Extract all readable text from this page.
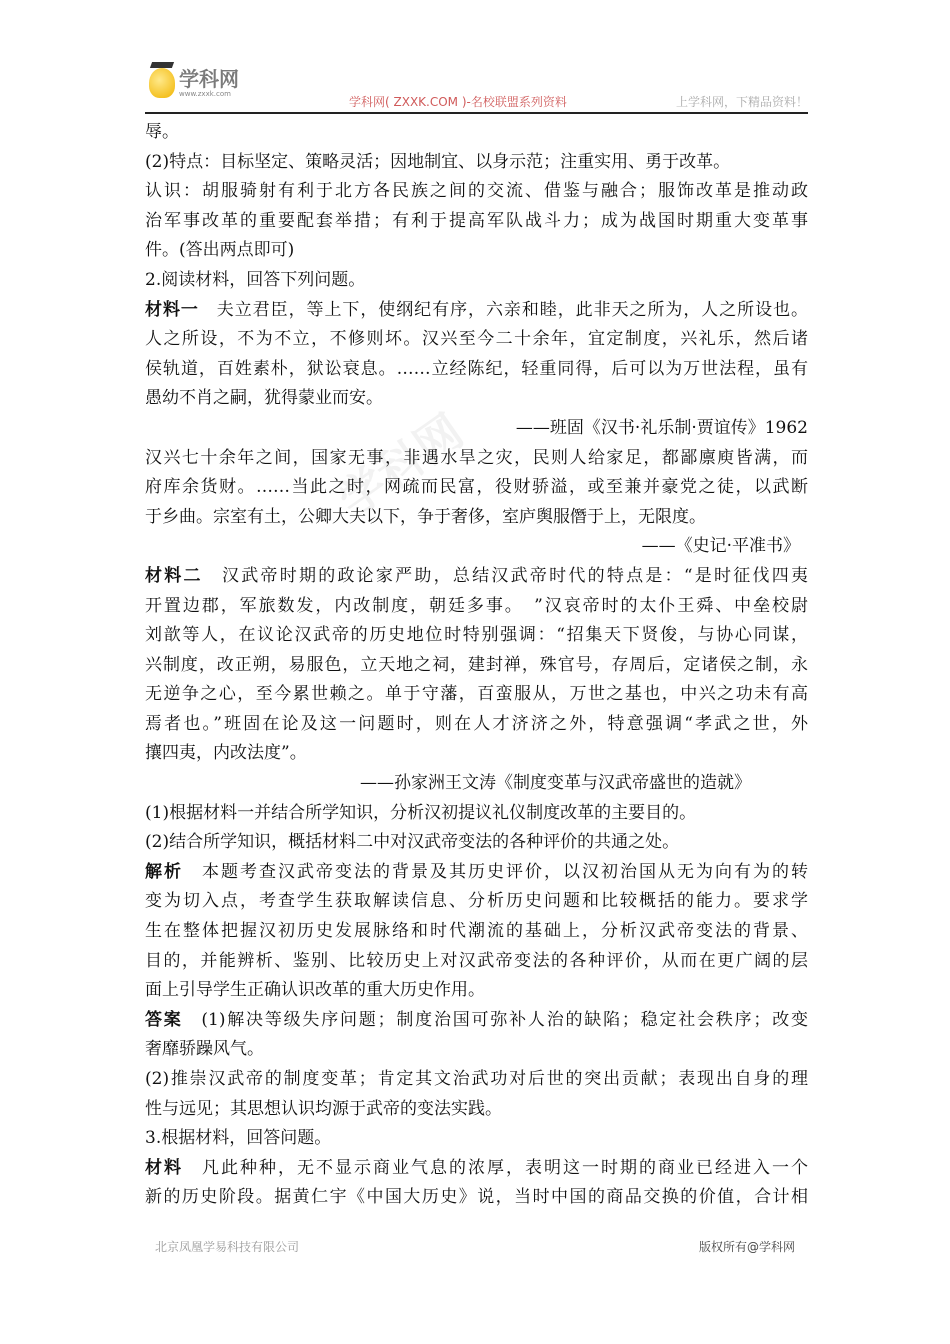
学科网
www.zxxk.com
学科网( ZXXK.COM )-名校联盟系列资料	上学科网，下精品资料！
学科网
辱。
(2)特点：目标坚定、策略灵活；因地制宜、以身示范；注重实用、勇于改革。
认识：胡服骑射有利于北方各民族之间的交流、借鉴与融合；服饰改革是推动政
治军事改革的重要配套举措；有利于提高军队战斗力；成为战国时期重大变革事
件。(答出两点即可)
2.阅读材料，回答下列问题。
材料一　夫立君臣，等上下，使纲纪有序，六亲和睦，此非天之所为，人之所设也。
人之所设，不为不立，不修则坏。汉兴至今二十余年，宜定制度，兴礼乐，然后诸
侯轨道，百姓素朴，狱讼衰息。……立经陈纪，轻重同得，后可以为万世法程，虽有
愚幼不肖之嗣，犹得蒙业而安。
——班固《汉书·礼乐制·贾谊传》1962
汉兴七十余年之间，国家无事，非遇水旱之灾，民则人给家足，都鄙廪庾皆满，而
府库余货财。……当此之时，网疏而民富，役财骄溢，或至兼并豪党之徒，以武断
于乡曲。宗室有土，公卿大夫以下，争于奢侈，室庐舆服僭于上，无限度。
——《史记·平准书》
材料二　汉武帝时期的政论家严助，总结汉武帝时代的特点是：“是时征伐四夷
开置边郡，军旅数发，内改制度，朝廷多事。　”汉哀帝时的太仆王舜、中垒校尉
刘歆等人，在议论汉武帝的历史地位时特别强调：“招集天下贤俊，与协心同谋，
兴制度，改正朔，易服色，立天地之祠，建封禅，殊官号，存周后，定诸侯之制，永
无逆争之心，至今累世赖之。单于守藩，百蛮服从，万世之基也，中兴之功未有高
焉者也。”班固在论及这一问题时，则在人才济济之外，特意强调“孝武之世，外
攘四夷，内改法度”。
——孙家洲王文涛《制度变革与汉武帝盛世的造就》
(1)根据材料一并结合所学知识，分析汉初提议礼仪制度改革的主要目的。
(2)结合所学知识，概括材料二中对汉武帝变法的各种评价的共通之处。
解析　本题考查汉武帝变法的背景及其历史评价，以汉初治国从无为向有为的转
变为切入点，考查学生获取解读信息、分析历史问题和比较概括的能力。要求学
生在整体把握汉初历史发展脉络和时代潮流的基础上，分析汉武帝变法的背景、
目的，并能辨析、鉴别、比较历史上对汉武帝变法的各种评价，从而在更广阔的层
面上引导学生正确认识改革的重大历史作用。
答案　(1)解决等级失序问题；制度治国可弥补人治的缺陷；稳定社会秩序；改变
奢靡骄躁风气。
(2)推崇汉武帝的制度变革；肯定其文治武功对后世的突出贡献；表现出自身的理
性与远见；其思想认识均源于武帝的变法实践。
3.根据材料，回答问题。
材料　凡此种种，无不显示商业气息的浓厚，表明这一时期的商业已经进入一个
新的历史阶段。据黄仁宇《中国大历史》说，当时中国的商品交换的价值，合计相
北京凤凰学易科技有限公司	版权所有@学科网
